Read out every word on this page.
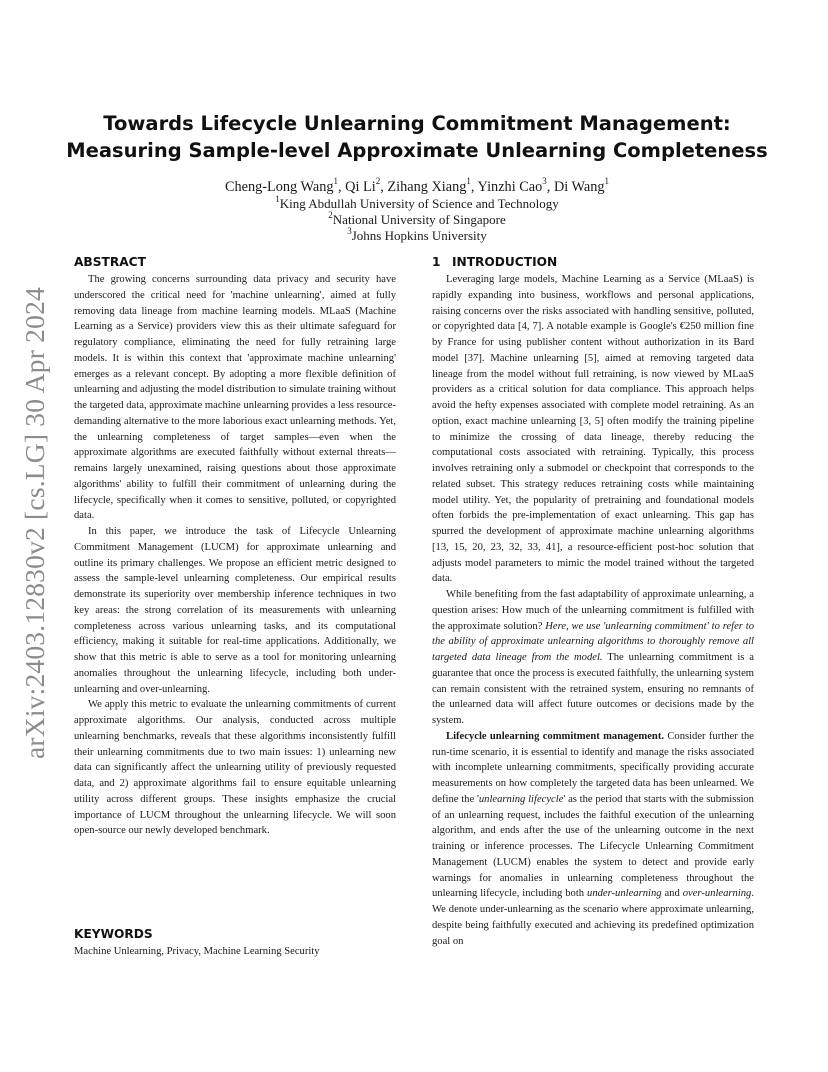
arXiv:2403.12830v2 [cs.LG] 30 Apr 2024
Towards Lifecycle Unlearning Commitment Management:
Measuring Sample-level Approximate Unlearning Completeness
Cheng-Long Wang$^1$, Qi Li$^2$, Zihang Xiang$^1$, Yinzhi Cao$^3$, Di Wang$^1$
$^1$King Abdullah University of Science and Technology
$^2$National University of Singapore
$^3$Johns Hopkins University
ABSTRACT

The growing concerns surrounding data privacy and security have underscored the critical need for 'machine unlearning', aimed at fully removing data lineage from machine learning models. MLaaS (Machine Learning as a Service) providers view this as their ultimate safeguard for regulatory compliance, eliminating the need for fully retraining large models. It is within this context that 'approximate machine unlearning' emerges as a relevant concept. By adopting a more flexible definition of unlearning and adjusting the model distribution to simulate training without the targeted data, approximate machine unlearning provides a less resource-demanding alternative to the more laborious exact unlearning methods. Yet, the unlearning completeness of target samples—even when the approximate algorithms are executed faithfully without external threats—remains largely unexamined, raising questions about those approximate algorithms' ability to fulfill their commitment of unlearning during the lifecycle, specifically when it comes to sensitive, polluted, or copyrighted data.

In this paper, we introduce the task of Lifecycle Unlearning Commitment Management (LUCM) for approximate unlearning and outline its primary challenges. We propose an efficient metric designed to assess the sample-level unlearning completeness. Our empirical results demonstrate its superiority over membership inference techniques in two key areas: the strong correlation of its measurements with unlearning completeness across various unlearning tasks, and its computational efficiency, making it suitable for real-time applications. Additionally, we show that this metric is able to serve as a tool for monitoring unlearning anomalies throughout the unlearning lifecycle, including both under-unlearning and over-unlearning.

We apply this metric to evaluate the unlearning commitments of current approximate algorithms. Our analysis, conducted across multiple unlearning benchmarks, reveals that these algorithms inconsistently fulfill their unlearning commitments due to two main issues: 1) unlearning new data can significantly affect the unlearning utility of previously requested data, and 2) approximate algorithms fail to ensure equitable unlearning utility across different groups. These insights emphasize the crucial importance of LUCM throughout the unlearning lifecycle. We will soon open-source our newly developed benchmark.

KEYWORDS

Machine Unlearning, Privacy, Machine Learning Security

1 INTRODUCTION

Leveraging large models, Machine Learning as a Service (MLaaS) is rapidly expanding into business, workflows and personal applications, raising concerns over the risks associated with handling sensitive, polluted, or copyrighted data [4, 7]. A notable example is Google's €250 million fine by France for using publisher content without authorization in its Bard model [37]. Machine unlearning [5], aimed at removing targeted data lineage from the model without full retraining, is now viewed by MLaaS providers as a critical solution for data compliance. This approach helps avoid the hefty expenses associated with complete model retraining. As an option, exact machine unlearning [3, 5] often modify the training pipeline to minimize the crossing of data lineage, thereby reducing the computational costs associated with retraining. Typically, this process involves retraining only a submodel or checkpoint that corresponds to the related subset. This strategy reduces retraining costs while maintaining model utility. Yet, the popularity of pretraining and foundational models often forbids the pre-implementation of exact unlearning. This gap has spurred the development of approximate machine unlearning algorithms [13, 15, 20, 23, 32, 33, 41], a resource-efficient post-hoc solution that adjusts model parameters to mimic the model trained without the targeted data.

While benefiting from the fast adaptability of approximate unlearning, a question arises: How much of the unlearning commitment is fulfilled with the approximate solution? Here, we use 'unlearning commitment' to refer to the ability of approximate unlearning algorithms to thoroughly remove all targeted data lineage from the model. The unlearning commitment is a guarantee that once the process is executed faithfully, the unlearning system can remain consistent with the retrained system, ensuring no remnants of the unlearned data will affect future outcomes or decisions made by the system.

Lifecycle unlearning commitment management. Consider further the run-time scenario, it is essential to identify and manage the risks associated with incomplete unlearning commitments, specifically providing accurate measurements on how completely the targeted data has been unlearned. We define the 'unlearning lifecycle' as the period that starts with the submission of an unlearning request, includes the faithful execution of the unlearning algorithm, and ends after the use of the unlearning outcome in the next training or inference processes. The Lifecycle Unlearning Commitment Management (LUCM) enables the system to detect and provide early warnings for anomalies in unlearning completeness throughout the unlearning lifecycle, including both under-unlearning and over-unlearning. We denote under-unlearning as the scenario where approximate unlearning, despite being faithfully executed and achieving its predefined optimization goal on
